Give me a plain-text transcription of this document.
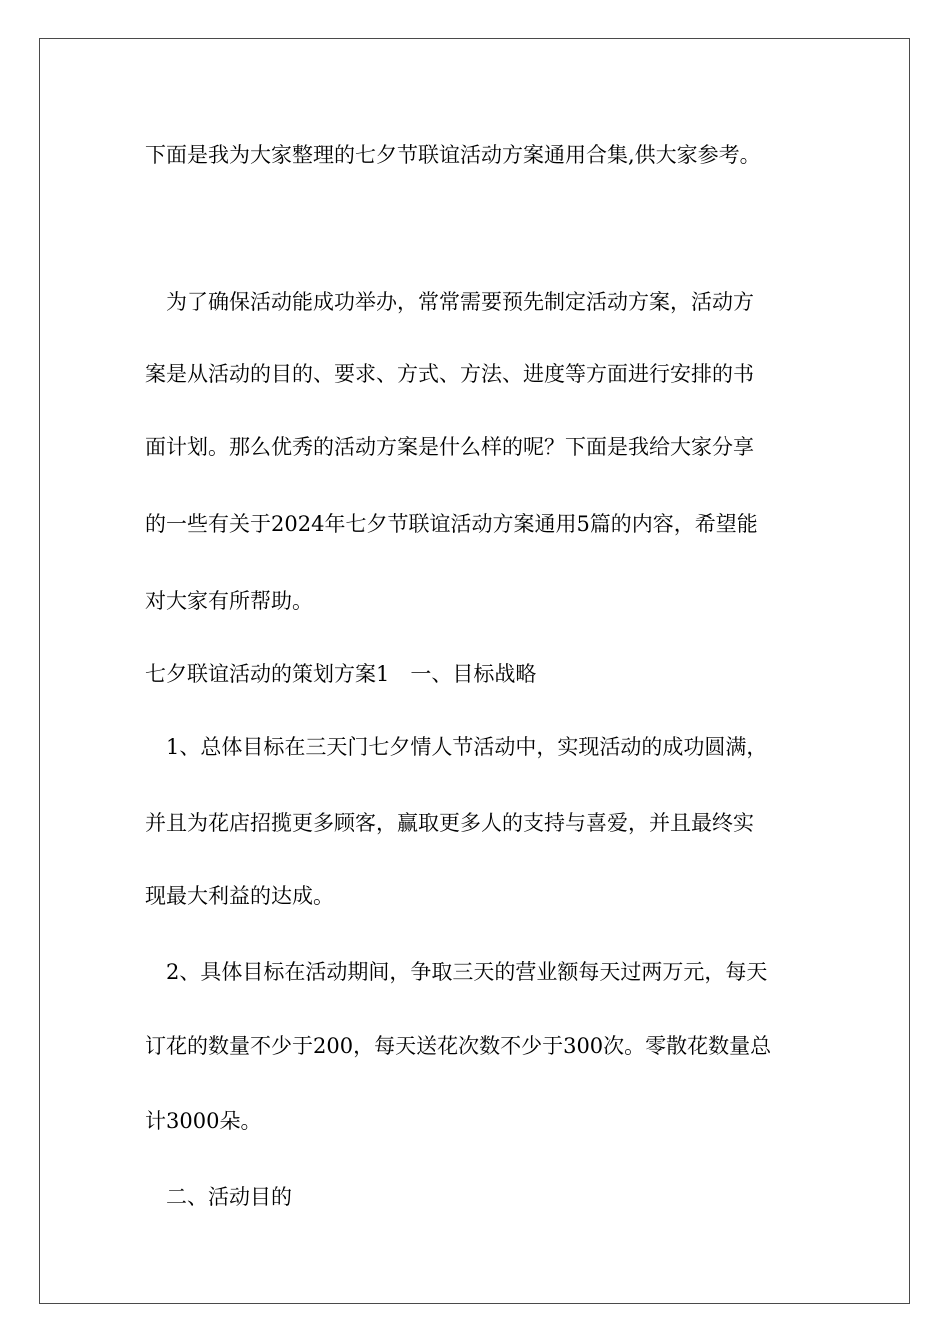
下面是我为大家整理的七夕节联谊活动方案通用合集,供大家参考。
　为了确保活动能成功举办，常常需要预先制定活动方案，活动方
案是从活动的目的、要求、方式、方法、进度等方面进行安排的书
面计划。那么优秀的活动方案是什么样的呢？下面是我给大家分享
的一些有关于2024年七夕节联谊活动方案通用5篇的内容，希望能
对大家有所帮助。
七夕联谊活动的策划方案1　一、目标战略
　1、总体目标在三天门七夕情人节活动中，实现活动的成功圆满，
并且为花店招揽更多顾客，赢取更多人的支持与喜爱，并且最终实
现最大利益的达成。
　2、具体目标在活动期间，争取三天的营业额每天过两万元，每天
订花的数量不少于200，每天送花次数不少于300次。零散花数量总
计3000朵。
　二、活动目的
